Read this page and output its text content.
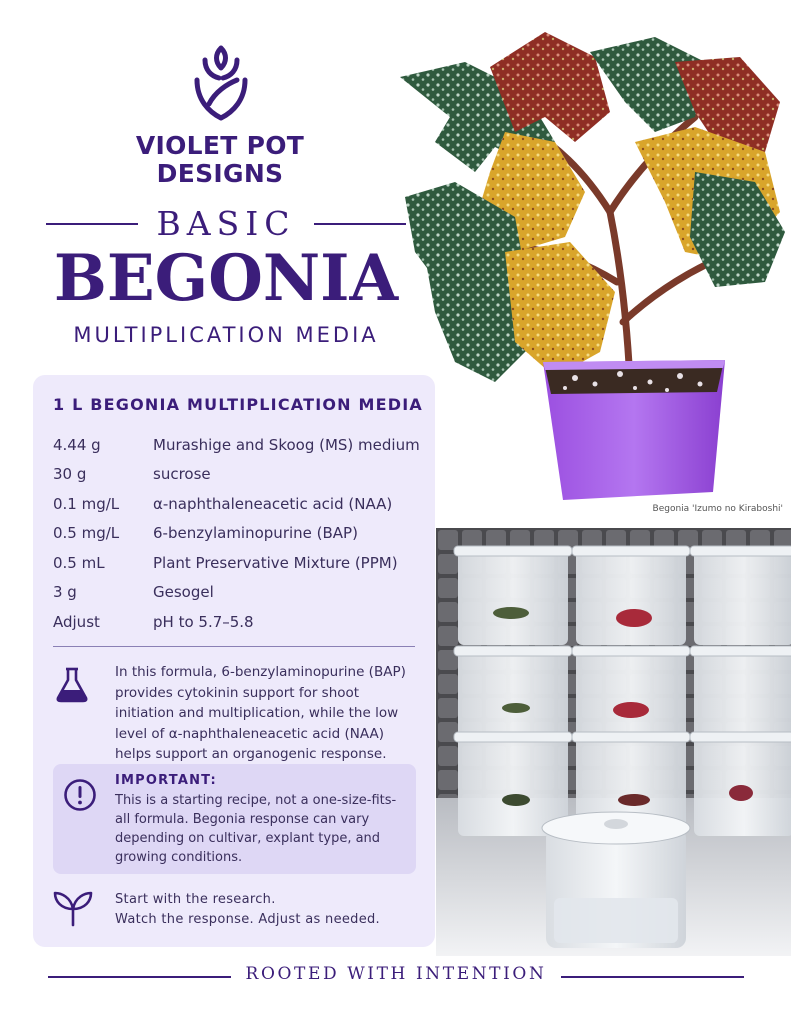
VIOLET POT
DESIGNS
BASIC
BEGONIA
MULTIPLICATION MEDIA
1 L BEGONIA MULTIPLICATION MEDIA
4.44 g	Murashige and Skoog (MS) medium
30 g	sucrose
0.1 mg/L	α-naphthaleneacetic acid (NAA)
0.5 mg/L	6-benzylaminopurine (BAP)
0.5 mL	Plant Preservative Mixture (PPM)
3 g	Gesogel
Adjust	pH to 5.7–5.8

In this formula, 6-benzylaminopurine (BAP) provides cytokinin support for shoot initiation and multiplication, while the low level of α-naphthaleneacetic acid (NAA) helps support an organogenic response.

IMPORTANT:
This is a starting recipe, not a one-size-fits-all formula. Begonia response can vary depending on cultivar, explant type, and growing conditions.
Start with the research.
Watch the response. Adjust as needed.
Begonia 'Izumo no Kiraboshi'
ROOTED WITH INTENTION
